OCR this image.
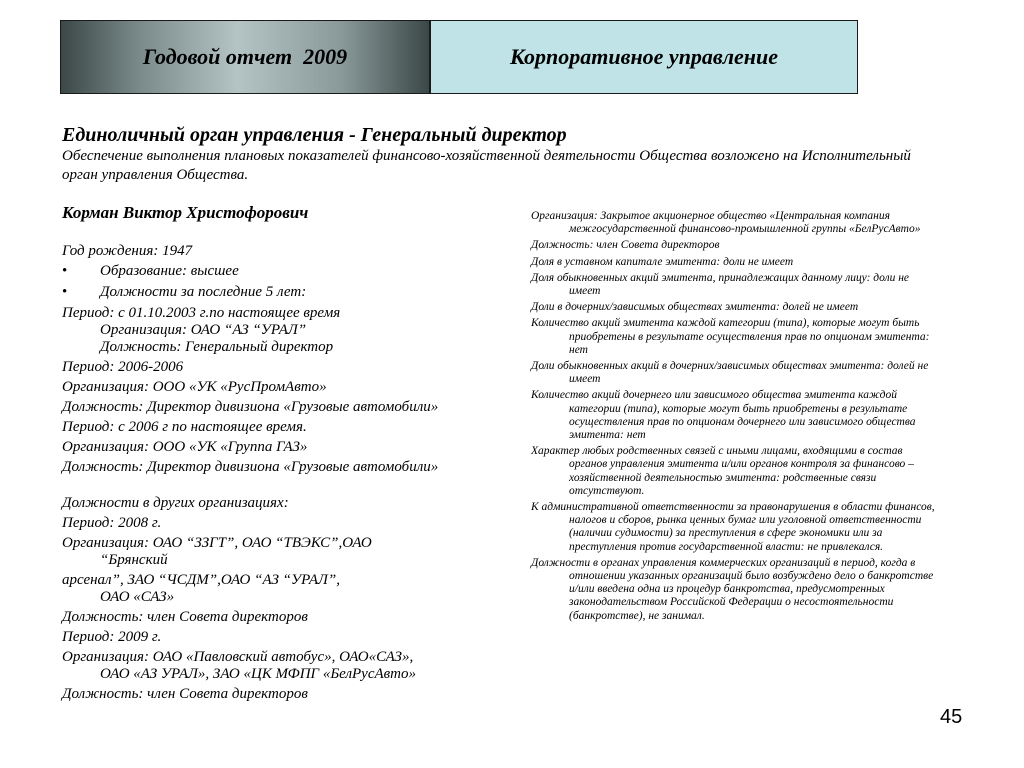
Годовой отчет  2009	Корпоративное управление
Единоличный орган управления - Генеральный директор
Обеспечение выполнения плановых показателей финансово-хозяйственной деятельности Общества возложено на Исполнительный орган управления Общества.
Корман Виктор Христофорович
Год рождения: 1947
•	Образование: высшее
•	Должности за последние 5 лет:
Период: с 01.10.2003 г.по настоящее время
Организация: ОАО “АЗ “УРАЛ”
Должность: Генеральный директор
Период: 2006-2006
Организация: ООО «УК «РусПромАвто»
Должность: Директор дивизиона «Грузовые автомобили»
Период: с 2006 г по настоящее время.
Организация: ООО «УК «Группа ГАЗ»
Должность: Директор дивизиона «Грузовые автомобили»
Должности в других организациях:
Период: 2008 г.
Организация: ОАО “ЗЗГТ”, ОАО “ТВЭКС”,ОАО
“Брянский
арсенал”, ЗАО “ЧСДМ”,ОАО “АЗ “УРАЛ”,
ОАО «САЗ»
Должность: член Совета директоров
Период: 2009 г.
Организация: ОАО «Павловский автобус», ОАО«САЗ»,
ОАО «АЗ УРАЛ», ЗАО «ЦК МФПГ «БелРусАвто»
Должность: член Совета директоров
Организация: Закрытое акционерное общество «Центральная компания межгосударственной финансово-промышленной группы «БелРусАвто»
Должность: член Совета директоров
Доля в уставном капитале эмитента: доли не имеет
Доля обыкновенных акций эмитента, принадлежащих данному лицу: доли не имеет
Доли в дочерних/зависимых обществах эмитента: долей не имеет
Количество акций эмитента каждой категории (типа), которые могут быть приобретены в результате осуществления прав по опционам эмитента: нет
Доли обыкновенных акций в дочерних/зависимых обществах эмитента: долей не имеет
Количество акций дочернего или зависимого общества эмитента каждой категории (типа), которые могут быть приобретены в результате осуществления прав по опционам дочернего или зависимого общества эмитента: нет
Характер любых родственных связей с иными лицами, входящими в состав органов управления эмитента и/или органов контроля за финансово – хозяйственной деятельностью эмитента: родственные связи отсутствуют.
К административной ответственности за правонарушения в области финансов, налогов и сборов, рынка ценных бумаг или уголовной ответственности (наличии судимости) за преступления в сфере экономики или за преступления против государственной власти: не привлекался.
Должности в органах управления коммерческих организаций в период, когда в отношении указанных организаций было возбуждено дело о банкротстве и/или введена одна из процедур банкротства, предусмотренных законодательством Российской Федерации о несостоятельности (банкротстве), не занимал.
45
